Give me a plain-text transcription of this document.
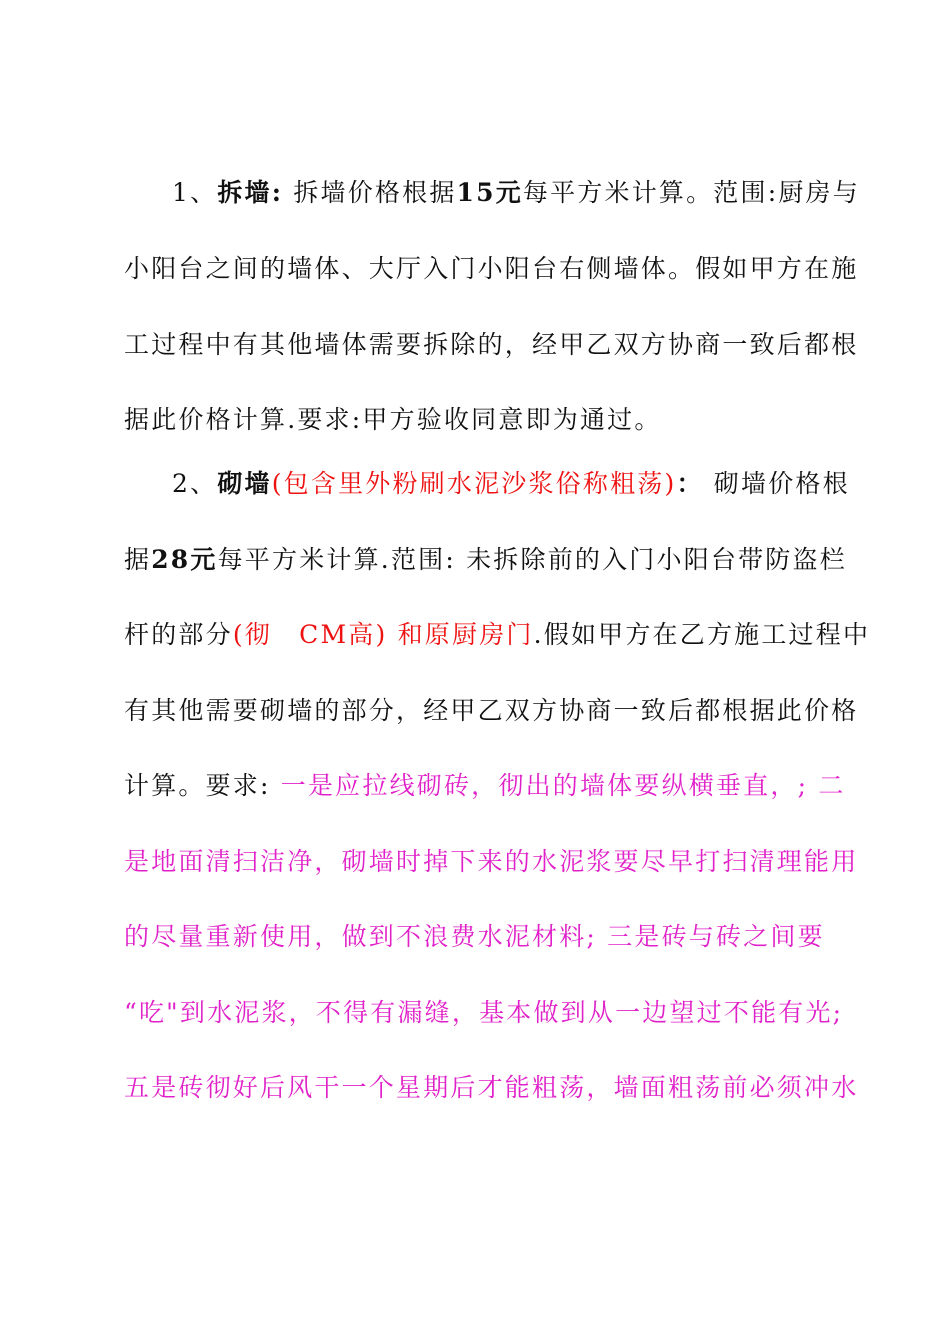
1、拆墙: 拆墙价格根据15元每平方米计算。范围:厨房与
小阳台之间的墙体、大厅入门小阳台右侧墙体。假如甲方在施
工过程中有其他墙体需要拆除的，经甲乙双方协商一致后都根
据此价格计算.要求:甲方验收同意即为通过。
2、砌墙(包含里外粉刷水泥沙浆俗称粗荡)： 砌墙价格根
据28元每平方米计算.范围: 未拆除前的入门小阳台带防盗栏
杆的部分(彻　CM高) 和原厨房门.假如甲方在乙方施工过程中
有其他需要砌墙的部分，经甲乙双方协商一致后都根据此价格
计算。要求: 一是应拉线砌砖，彻出的墙体要纵横垂直，; 二
是地面清扫洁净，砌墙时掉下来的水泥浆要尽早打扫清理能用
的尽量重新使用，做到不浪费水泥材料; 三是砖与砖之间要
“吃"到水泥浆，不得有漏缝，基本做到从一边望过不能有光;
五是砖彻好后风干一个星期后才能粗荡，墙面粗荡前必须冲水
